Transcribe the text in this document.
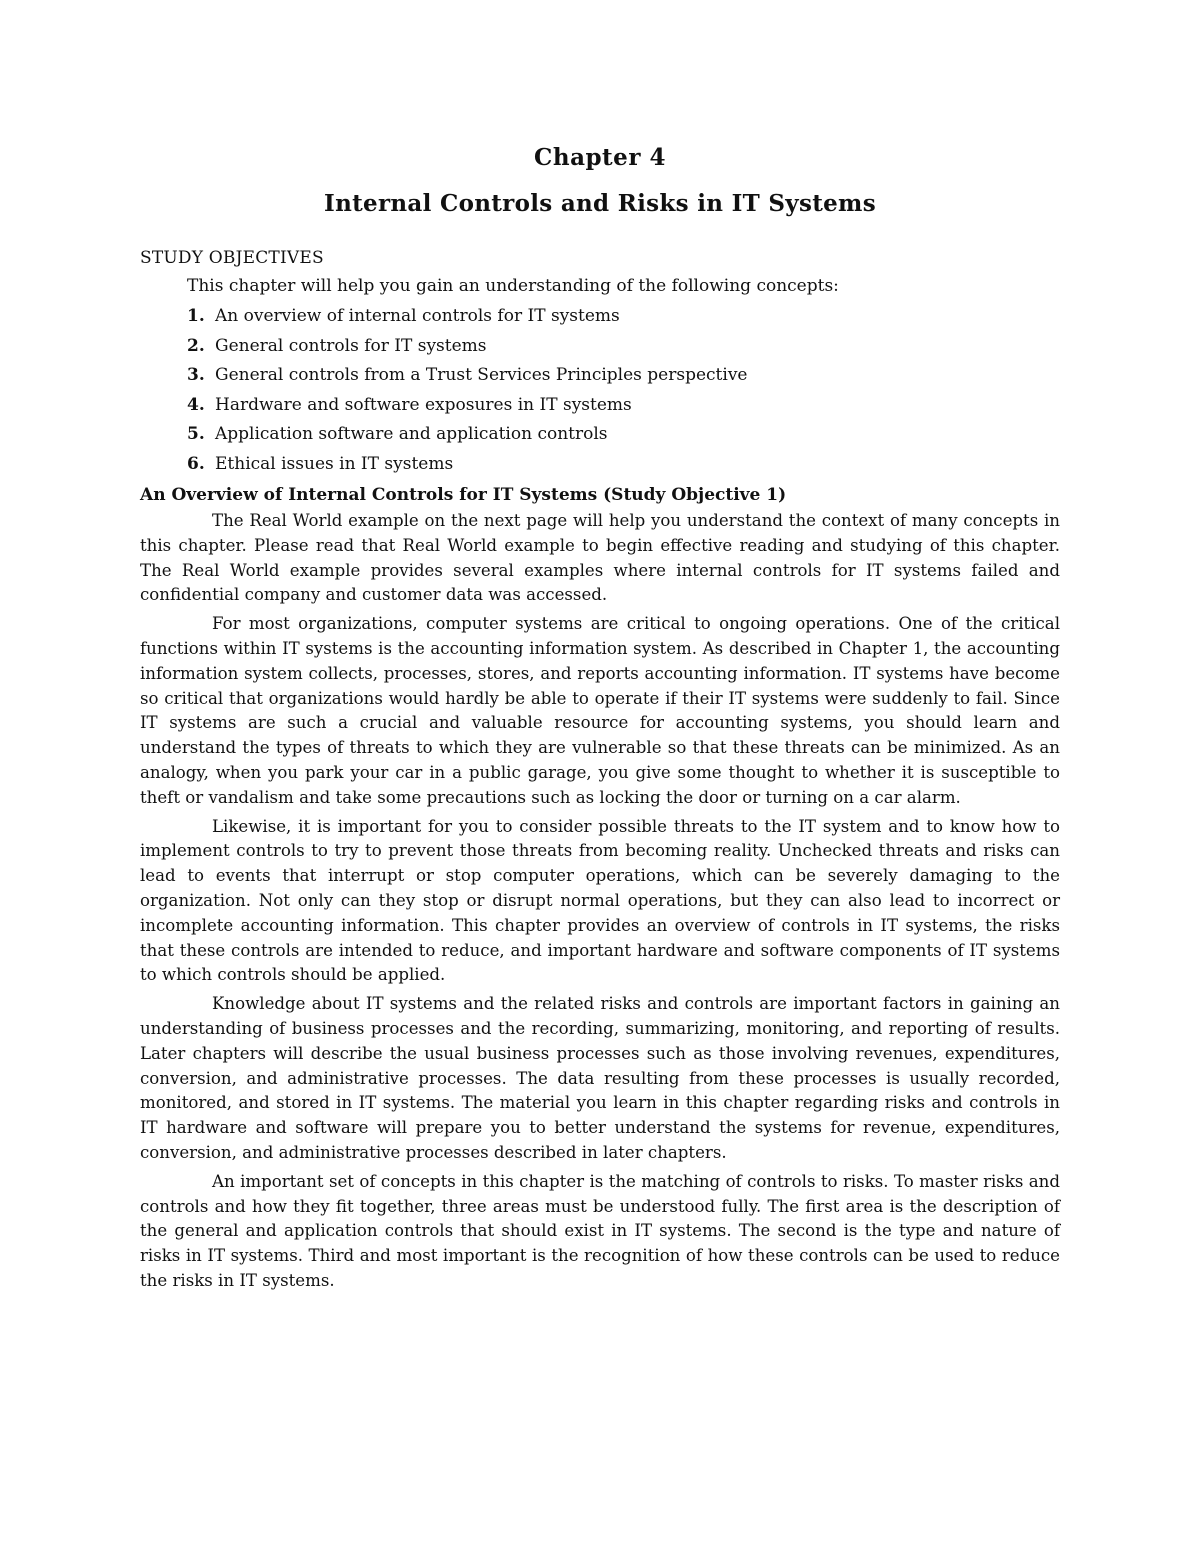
Chapter 4
Internal Controls and Risks in IT Systems
STUDY OBJECTIVES
This chapter will help you gain an understanding of the following concepts:
1. An overview of internal controls for IT systems
2. General controls for IT systems
3. General controls from a Trust Services Principles perspective
4. Hardware and software exposures in IT systems
5. Application software and application controls
6. Ethical issues in IT systems
An Overview of Internal Controls for IT Systems (Study Objective 1)

The Real World example on the next page will help you understand the context of many concepts in this chapter. Please read that Real World example to begin effective reading and studying of this chapter. The Real World example provides several examples where internal controls for IT systems failed and confidential company and customer data was accessed.

For most organizations, computer systems are critical to ongoing operations. One of the critical functions within IT systems is the accounting information system. As described in Chapter 1, the accounting information system collects, processes, stores, and reports accounting information. IT systems have become so critical that organizations would hardly be able to operate if their IT systems were suddenly to fail. Since IT systems are such a crucial and valuable resource for accounting systems, you should learn and understand the types of threats to which they are vulnerable so that these threats can be minimized. As an analogy, when you park your car in a public garage, you give some thought to whether it is susceptible to theft or vandalism and take some precautions such as locking the door or turning on a car alarm.

Likewise, it is important for you to consider possible threats to the IT system and to know how to implement controls to try to prevent those threats from becoming reality. Unchecked threats and risks can lead to events that interrupt or stop computer operations, which can be severely damaging to the organization. Not only can they stop or disrupt normal operations, but they can also lead to incorrect or incomplete accounting information. This chapter provides an overview of controls in IT systems, the risks that these controls are intended to reduce, and important hardware and software components of IT systems to which controls should be applied.

Knowledge about IT systems and the related risks and controls are important factors in gaining an understanding of business processes and the recording, summarizing, monitoring, and reporting of results. Later chapters will describe the usual business processes such as those involving revenues, expenditures, conversion, and administrative processes. The data resulting from these processes is usually recorded, monitored, and stored in IT systems. The material you learn in this chapter regarding risks and controls in IT hardware and software will prepare you to better understand the systems for revenue, expenditures, conversion, and administrative processes described in later chapters.

An important set of concepts in this chapter is the matching of controls to risks. To master risks and controls and how they fit together, three areas must be understood fully. The first area is the description of the general and application controls that should exist in IT systems. The second is the type and nature of risks in IT systems. Third and most important is the recognition of how these controls can be used to reduce the risks in IT systems.
